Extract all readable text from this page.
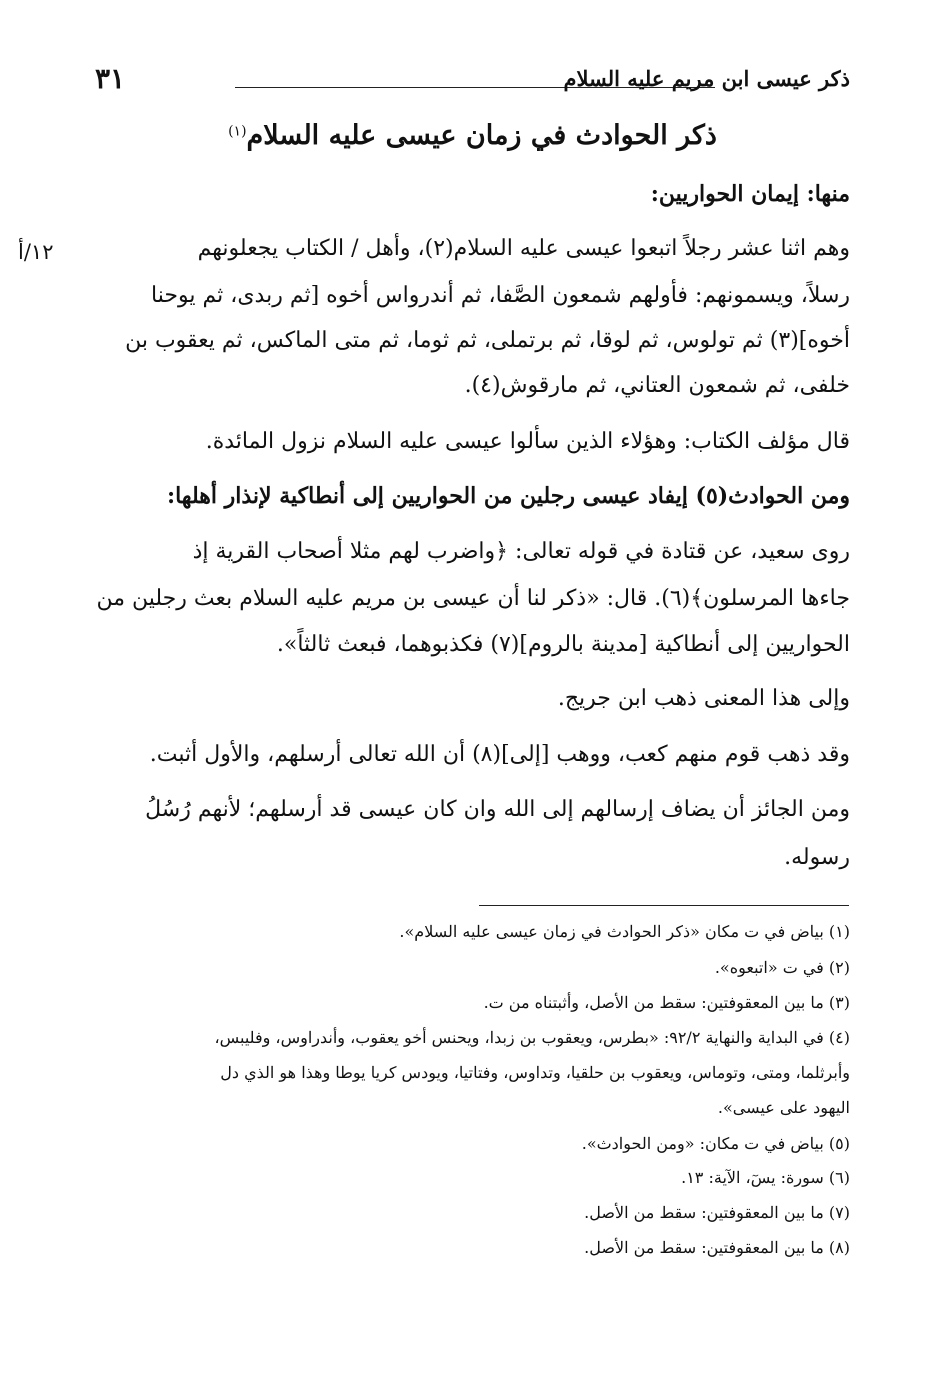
٣١	ذكر عيسى ابن مريم عليه السلام
ذكر الحوادث في زمان عيسى عليه السلام$^{(١)}$
منها: إيمان الحواريين:
١٢/أ	وهم اثنا عشر رجلاً اتبعوا عيسى عليه السلام(٢)، وأهل / الكتاب يجعلونهم
رسلاً، ويسمونهم: فأولهم شمعون الصَّفا، ثم أندرواس أخوه [ثم ربدى، ثم يوحنا
أخوه](٣) ثم تولوس، ثم لوقا، ثم برتملى، ثم ثوما، ثم متى الماكس، ثم يعقوب بن
خلفى، ثم شمعون العتاني، ثم مارقوش(٤).
قال مؤلف الكتاب: وهؤلاء الذين سألوا عيسى عليه السلام نزول المائدة.
ومن الحوادث(٥) إيفاد عيسى رجلين من الحواريين إلى أنطاكية لإنذار أهلها:
روى سعيد، عن قتادة في قوله تعالى: ﴿واضرب لهم مثلا أصحاب القرية إذ
جاءها المرسلون﴾(٦). قال: «ذكر لنا أن عيسى بن مريم عليه السلام بعث رجلين من
الحواريين إلى أنطاكية [مدينة بالروم](٧) فكذبوهما، فبعث ثالثاً».
وإلى هذا المعنى ذهب ابن جريج.
وقد ذهب قوم منهم كعب، ووهب [إلى](٨) أن الله تعالى أرسلهم، والأول أثبت.
ومن الجائز أن يضاف إرسالهم إلى الله وان كان عيسى قد أرسلهم؛ لأنهم رُسُلُ
رسوله.
(١) بياض في ت مكان «ذكر الحوادث في زمان عيسى عليه السلام».
(٢) في ت «اتبعوه».
(٣) ما بين المعقوفتين: سقط من الأصل، وأثبتناه من ت.
(٤) في البداية والنهاية ٩٢/٢: «بطرس، ويعقوب بن زبدا، ويحنس أخو يعقوب، وأندراوس، وفليبس،
وأبرثلما، ومتى، وتوماس، ويعقوب بن حلقيا، وتداوس، وفتاتيا، ويودس كريا يوطا وهذا هو الذي دل
اليهود على عيسى».
(٥) بياض في ت مكان: «ومن الحوادث».
(٦) سورة: يسٓ، الآية: ١٣.
(٧) ما بين المعقوفتين: سقط من الأصل.
(٨) ما بين المعقوفتين: سقط من الأصل.
